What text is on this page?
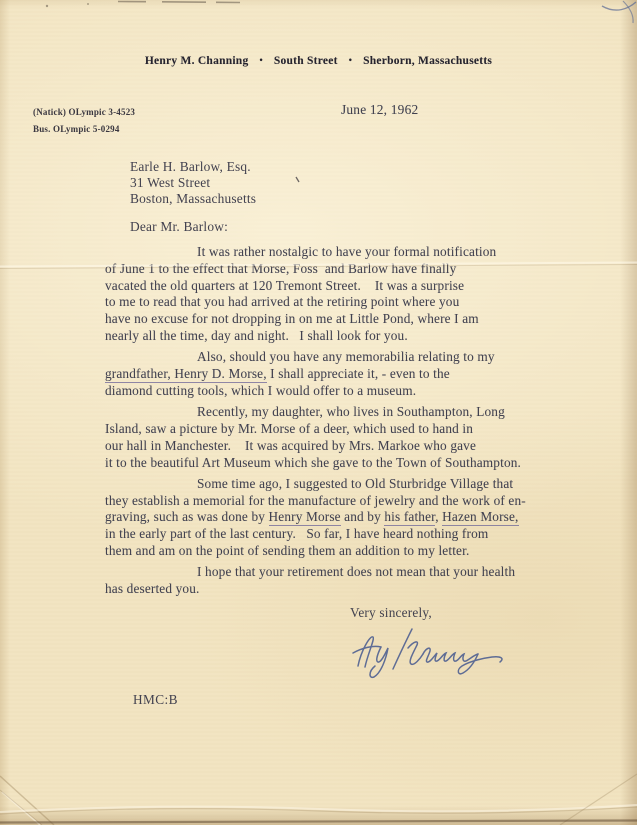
Henry M. Channing • South Street • Sherborn, Massachusetts
(Natick) OLympic 3-4523
Bus. OLympic 5-0294
June 12, 1962
Earle H. Barlow, Esq.
31 West Street
Boston, Massachusetts
Dear Mr. Barlow:
It was rather nostalgic to have your formal notification
of June 1 to the effect that Morse, Foss  and Barlow have finally
vacated the old quarters at 120 Tremont Street.    It was a surprise
to me to read that you had arrived at the retiring point where you
have no excuse for not dropping in on me at Little Pond, where I am
nearly all the time, day and night.   I shall look for you.
Also, should you have any memorabilia relating to my
grandfather, Henry D. Morse, I shall appreciate it, - even to the
diamond cutting tools, which I would offer to a museum.
Recently, my daughter, who lives in Southampton, Long
Island, saw a picture by Mr. Morse of a deer, which used to hand in
our hall in Manchester.    It was acquired by Mrs. Markoe who gave
it to the beautiful Art Museum which she gave to the Town of Southampton.
Some time ago, I suggested to Old Sturbridge Village that
they establish a memorial for the manufacture of jewelry and the work of en-
graving, such as was done by Henry Morse and by his father, Hazen Morse,
in the early part of the last century.   So far, I have heard nothing from
them and am on the point of sending them an addition to my letter.
I hope that your retirement does not mean that your health
has deserted you.
Very sincerely,
HMC:B
